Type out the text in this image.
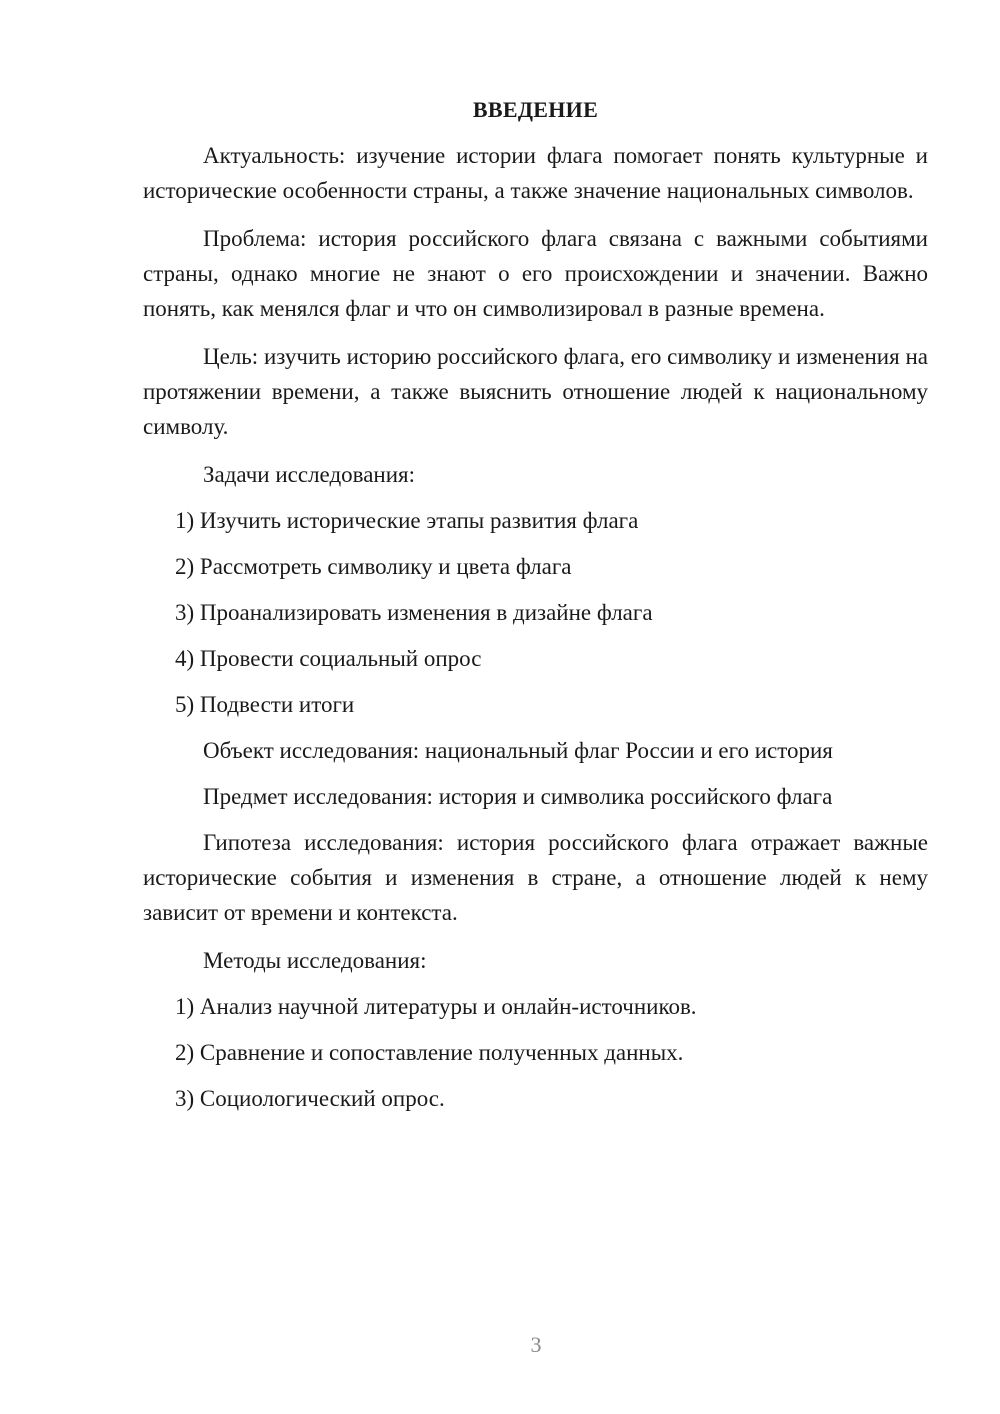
ВВЕДЕНИЕ

Актуальность: изучение истории флага помогает понять культурные и исторические особенности страны, а также значение национальных символов.

Проблема: история российского флага связана с важными событиями страны, однако многие не знают о его происхождении и значении. Важно понять, как менялся флаг и что он символизировал в разные времена.

Цель: изучить историю российского флага, его символику и изменения на протяжении времени, а также выяснить отношение людей к национальному символу.

Задачи исследования:

1) Изучить исторические этапы развития флага

2) Рассмотреть символику и цвета флага

3) Проанализировать изменения в дизайне флага

4) Провести социальный опрос

5) Подвести итоги

Объект исследования: национальный флаг России и его история

Предмет исследования: история и символика российского флага

Гипотеза исследования: история российского флага отражает важные исторические события и изменения в стране, а отношение людей к нему зависит от времени и контекста.

Методы исследования:

1) Анализ научной литературы и онлайн-источников.

2) Сравнение и сопоставление полученных данных.

3) Социологический опрос.

3
